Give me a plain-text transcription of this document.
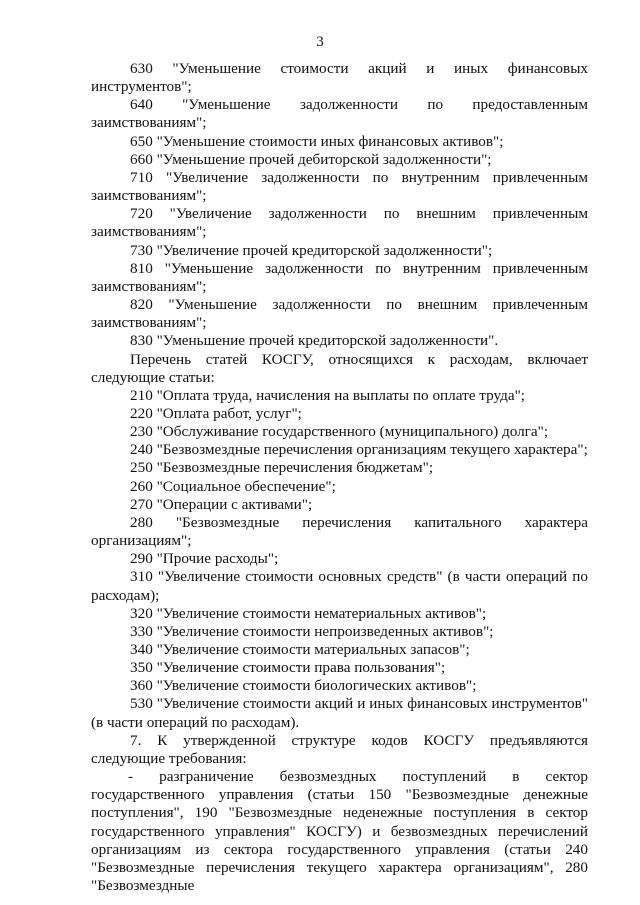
3

630 "Уменьшение стоимости акций и иных финансовых инструментов";

640 "Уменьшение задолженности по предоставленным заимствованиям";

650 "Уменьшение стоимости иных финансовых активов";

660 "Уменьшение прочей дебиторской задолженности";

710 "Увеличение задолженности по внутренним привлеченным заимствованиям";

720 "Увеличение задолженности по внешним привлеченным заимствованиям";

730 "Увеличение прочей кредиторской задолженности";

810 "Уменьшение задолженности по внутренним привлеченным заимствованиям";

820 "Уменьшение задолженности по внешним привлеченным заимствованиям";

830 "Уменьшение прочей кредиторской задолженности".

Перечень статей КОСГУ, относящихся к расходам, включает следующие статьи:

210 "Оплата труда, начисления на выплаты по оплате труда";

220 "Оплата работ, услуг";

230 "Обслуживание государственного (муниципального) долга";

240 "Безвозмездные перечисления организациям текущего характера";

250 "Безвозмездные перечисления бюджетам";

260 "Социальное обеспечение";

270 "Операции с активами";

280 "Безвозмездные перечисления капитального характера организациям";

290 "Прочие расходы";

310 "Увеличение стоимости основных средств" (в части операций по расходам);

320 "Увеличение стоимости нематериальных активов";

330 "Увеличение стоимости непроизведенных активов";

340 "Увеличение стоимости материальных запасов";

350 "Увеличение стоимости права пользования";

360 "Увеличение стоимости биологических активов";

530 "Увеличение стоимости акций и иных финансовых инструментов" (в части операций по расходам).

7. К утвержденной структуре кодов КОСГУ предъявляются следующие требования:

- разграничение безвозмездных поступлений в сектор государственного управления (статьи 150 "Безвозмездные денежные поступления", 190 "Безвозмездные неденежные поступления в сектор государственного управления" КОСГУ) и безвозмездных перечислений организациям из сектора государственного управления (статьи 240 "Безвозмездные перечисления текущего характера организациям", 280 "Безвозмездные
